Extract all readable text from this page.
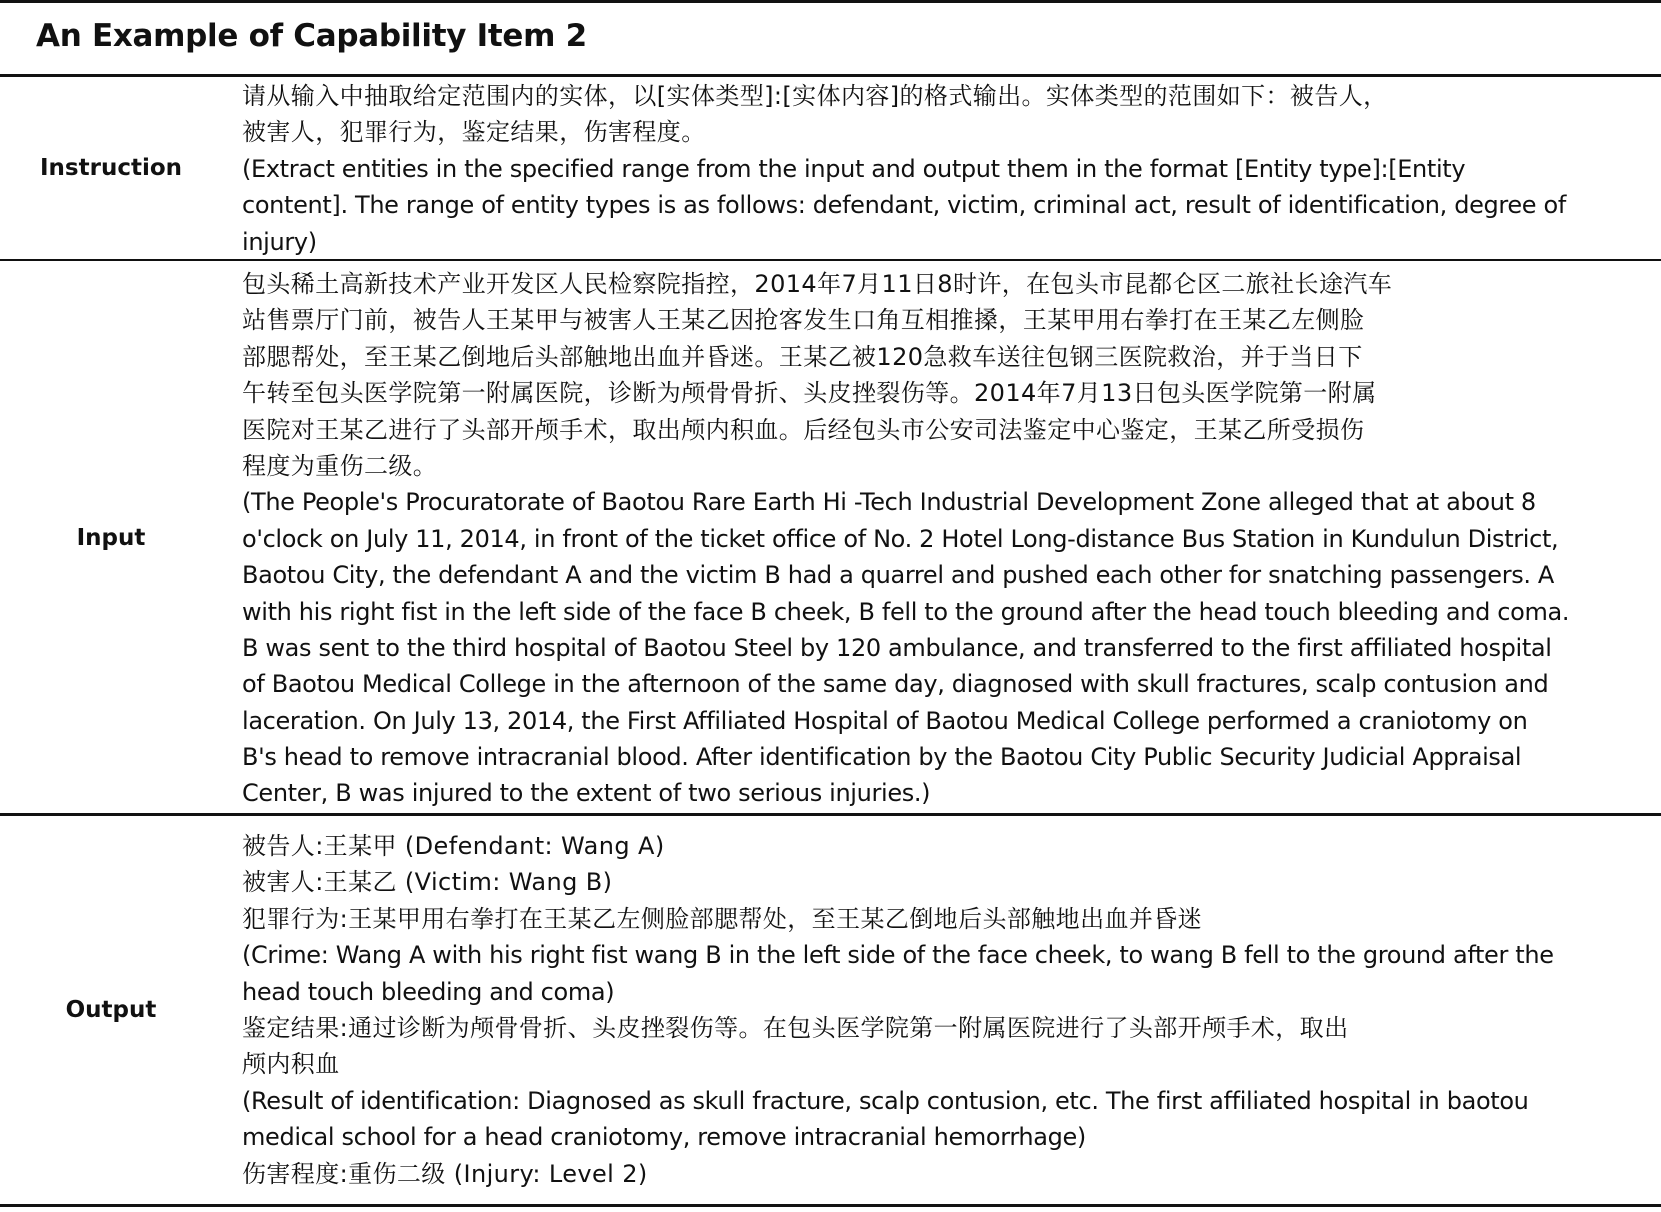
An Example of Capability Item 2
Instruction
请从输入中抽取给定范围内的实体，以[实体类型]:[实体内容]的格式输出。实体类型的范围如下：被告人，
被害人，犯罪行为，鉴定结果，伤害程度。
(Extract entities in the specified range from the input and output them in the format [Entity type]:[Entity
content]. The range of entity types is as follows: defendant, victim, criminal act, result of identification, degree of
injury)
Input
包头稀土高新技术产业开发区人民检察院指控，2014年7月11日8时许，在包头市昆都仑区二旅社长途汽车
站售票厅门前，被告人王某甲与被害人王某乙因抢客发生口角互相推搡，王某甲用右拳打在王某乙左侧脸
部腮帮处，至王某乙倒地后头部触地出血并昏迷。王某乙被120急救车送往包钢三医院救治，并于当日下
午转至包头医学院第一附属医院，诊断为颅骨骨折、头皮挫裂伤等。2014年7月13日包头医学院第一附属
医院对王某乙进行了头部开颅手术，取出颅内积血。后经包头市公安司法鉴定中心鉴定，王某乙所受损伤
程度为重伤二级。
(The People's Procuratorate of Baotou Rare Earth Hi -Tech Industrial Development Zone alleged that at about 8
o'clock on July 11, 2014, in front of the ticket office of No. 2 Hotel Long-distance Bus Station in Kundulun District,
Baotou City, the defendant A and the victim B had a quarrel and pushed each other for snatching passengers. A
with his right fist in the left side of the face B cheek, B fell to the ground after the head touch bleeding and coma.
B was sent to the third hospital of Baotou Steel by 120 ambulance, and transferred to the first affiliated hospital
of Baotou Medical College in the afternoon of the same day, diagnosed with skull fractures, scalp contusion and
laceration. On July 13, 2014, the First Affiliated Hospital of Baotou Medical College performed a craniotomy on
B's head to remove intracranial blood. After identification by the Baotou City Public Security Judicial Appraisal
Center, B was injured to the extent of two serious injuries.)
Output
被告人:王某甲 (Defendant: Wang A)
被害人:王某乙 (Victim: Wang B)
犯罪行为:王某甲用右拳打在王某乙左侧脸部腮帮处，至王某乙倒地后头部触地出血并昏迷
(Crime: Wang A with his right fist wang B in the left side of the face cheek, to wang B fell to the ground after the
head touch bleeding and coma)
鉴定结果:通过诊断为颅骨骨折、头皮挫裂伤等。在包头医学院第一附属医院进行了头部开颅手术，取出
颅内积血
(Result of identification: Diagnosed as skull fracture, scalp contusion, etc. The first affiliated hospital in baotou
medical school for a head craniotomy, remove intracranial hemorrhage)
伤害程度:重伤二级 (Injury: Level 2)
